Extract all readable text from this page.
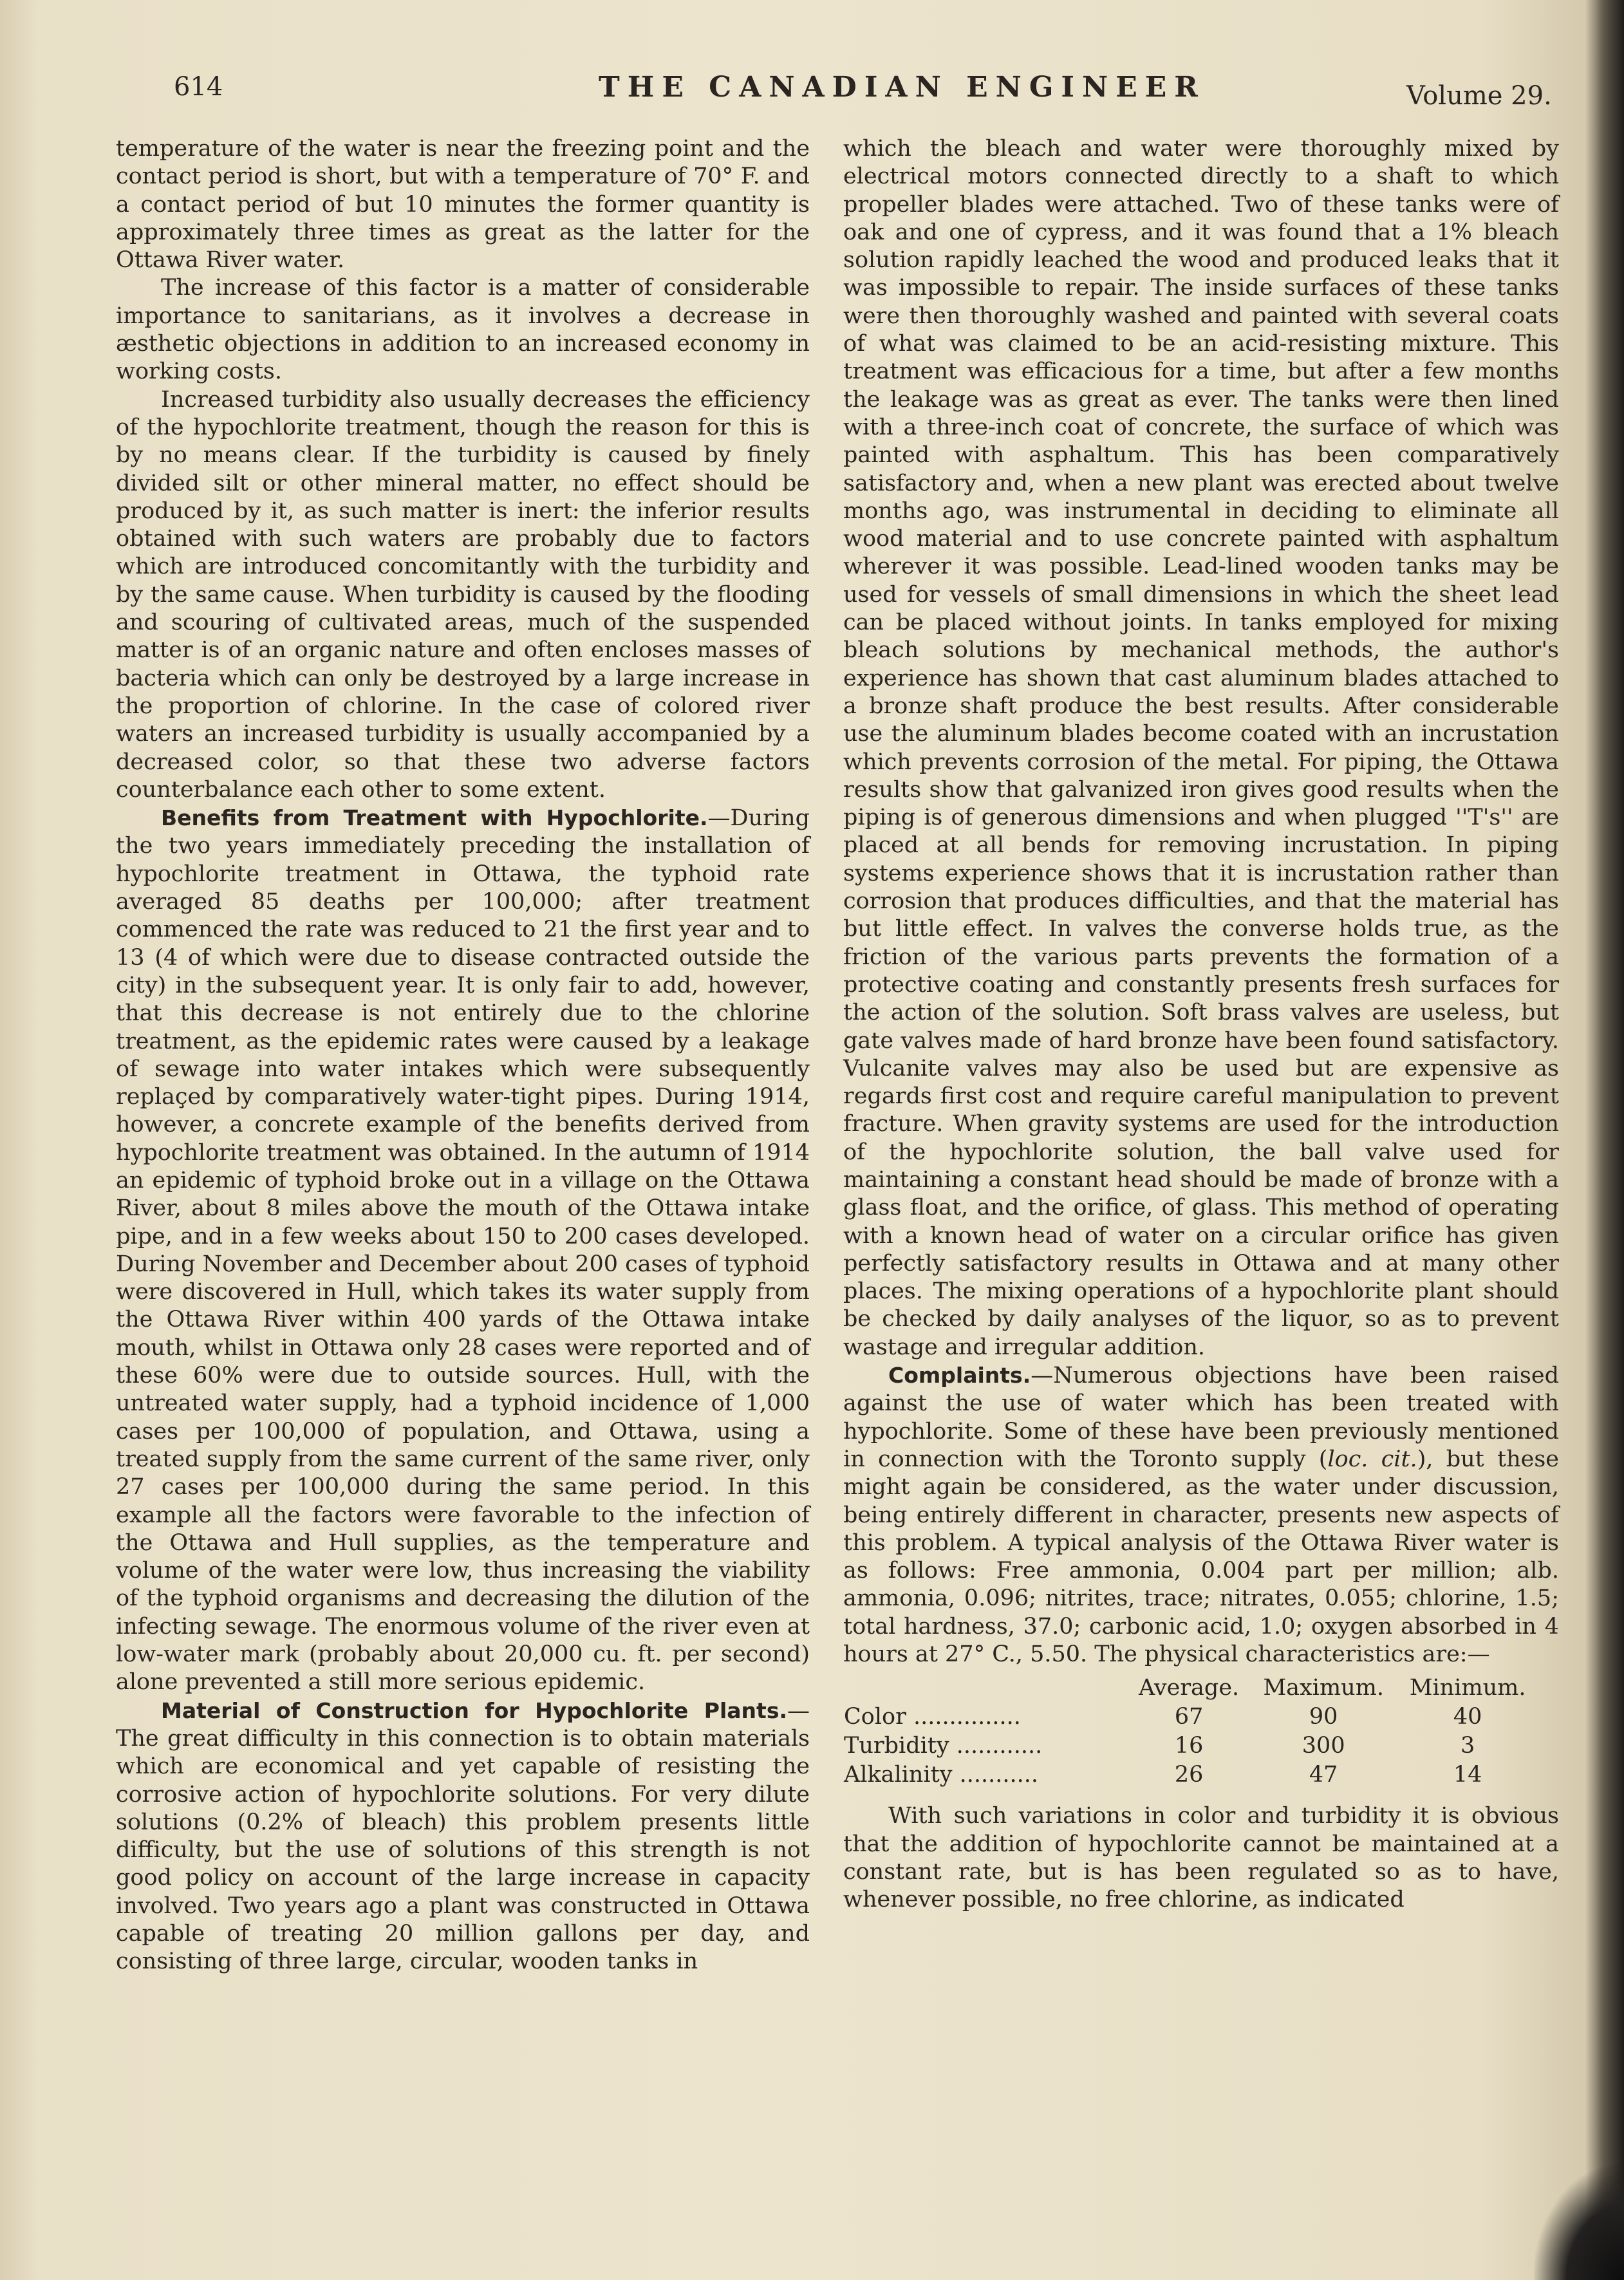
614	THE CANADIAN ENGINEER	Volume 29.

temperature of the water is near the freezing point and the contact period is short, but with a temperature of 70° F. and a contact period of but 10 minutes the former quantity is approximately three times as great as the latter for the Ottawa River water.

The increase of this factor is a matter of considerable importance to sanitarians, as it involves a decrease in æsthetic objections in addition to an increased economy in working costs.

Increased turbidity also usually decreases the efficiency of the hypochlorite treatment, though the reason for this is by no means clear. If the turbidity is caused by finely divided silt or other mineral matter, no effect should be produced by it, as such matter is inert: the inferior results obtained with such waters are probably due to factors which are introduced concomitantly with the turbidity and by the same cause. When turbidity is caused by the flooding and scouring of cultivated areas, much of the suspended matter is of an organic nature and often encloses masses of bacteria which can only be destroyed by a large increase in the proportion of chlorine. In the case of colored river waters an increased turbidity is usually accompanied by a decreased color, so that these two adverse factors counterbalance each other to some extent.

Benefits from Treatment with Hypochlorite.—During the two years immediately preceding the installation of hypochlorite treatment in Ottawa, the typhoid rate averaged 85 deaths per 100,000; after treatment commenced the rate was reduced to 21 the first year and to 13 (4 of which were due to disease contracted outside the city) in the subsequent year. It is only fair to add, however, that this decrease is not entirely due to the chlorine treatment, as the epidemic rates were caused by a leakage of sewage into water intakes which were subsequently replaçed by comparatively water-tight pipes. During 1914, however, a concrete example of the benefits derived from hypochlorite treatment was obtained. In the autumn of 1914 an epidemic of typhoid broke out in a village on the Ottawa River, about 8 miles above the mouth of the Ottawa intake pipe, and in a few weeks about 150 to 200 cases developed. During November and December about 200 cases of typhoid were discovered in Hull, which takes its water supply from the Ottawa River within 400 yards of the Ottawa intake mouth, whilst in Ottawa only 28 cases were reported and of these 60% were due to outside sources. Hull, with the untreated water supply, had a typhoid incidence of 1,000 cases per 100,000 of population, and Ottawa, using a treated supply from the same current of the same river, only 27 cases per 100,000 during the same period. In this example all the factors were favorable to the infection of the Ottawa and Hull supplies, as the temperature and volume of the water were low, thus increasing the viability of the typhoid organisms and decreasing the dilution of the infecting sewage. The enormous volume of the river even at low-water mark (probably about 20,000 cu. ft. per second) alone prevented a still more serious epidemic.

Material of Construction for Hypochlorite Plants.— The great difficulty in this connection is to obtain materials which are economical and yet capable of resisting the corrosive action of hypochlorite solutions. For very dilute solutions (0.2% of bleach) this problem presents little difficulty, but the use of solutions of this strength is not good policy on account of the large increase in capacity involved. Two years ago a plant was constructed in Ottawa capable of treating 20 million gallons per day, and consisting of three large, circular, wooden tanks in

which the bleach and water were thoroughly mixed by electrical motors connected directly to a shaft to which propeller blades were attached. Two of these tanks were of oak and one of cypress, and it was found that a 1% bleach solution rapidly leached the wood and produced leaks that it was impossible to repair. The inside surfaces of these tanks were then thoroughly washed and painted with several coats of what was claimed to be an acid-resisting mixture. This treatment was efficacious for a time, but after a few months the leakage was as great as ever. The tanks were then lined with a three-inch coat of concrete, the surface of which was painted with asphaltum. This has been comparatively satisfactory and, when a new plant was erected about twelve months ago, was instrumental in deciding to eliminate all wood material and to use concrete painted with asphaltum wherever it was possible. Lead-lined wooden tanks may be used for vessels of small dimensions in which the sheet lead can be placed without joints. In tanks employed for mixing bleach solutions by mechanical methods, the author's experience has shown that cast aluminum blades attached to a bronze shaft produce the best results. After considerable use the aluminum blades become coated with an incrustation which prevents corrosion of the metal. For piping, the Ottawa results show that galvanized iron gives good results when the piping is of generous dimensions and when plugged ''T's'' are placed at all bends for removing incrustation. In piping systems experience shows that it is incrustation rather than corrosion that produces difficulties, and that the material has but little effect. In valves the converse holds true, as the friction of the various parts prevents the formation of a protective coating and constantly presents fresh surfaces for the action of the solution. Soft brass valves are useless, but gate valves made of hard bronze have been found satisfactory. Vulcanite valves may also be used but are expensive as regards first cost and require careful manipulation to prevent fracture. When gravity systems are used for the introduction of the hypochlorite solution, the ball valve used for maintaining a constant head should be made of bronze with a glass float, and the orifice, of glass. This method of operating with a known head of water on a circular orifice has given perfectly satisfactory results in Ottawa and at many other places. The mixing operations of a hypochlorite plant should be checked by daily analyses of the liquor, so as to prevent wastage and irregular addition.

Complaints.—Numerous objections have been raised against the use of water which has been treated with hypochlorite. Some of these have been previously mentioned in connection with the Toronto supply (loc. cit.), but these might again be considered, as the water under discussion, being entirely different in character, presents new aspects of this problem. A typical analysis of the Ottawa River water is as follows: Free ammonia, 0.004 part per million; alb. ammonia, 0.096; nitrites, trace; nitrates, 0.055; chlorine, 1.5; total hardness, 37.0; carbonic acid, 1.0; oxygen absorbed in 4 hours at 27° C., 5.50. The physical characteristics are:—

	Average.	Maximum.	Minimum.
Color ...............	67	90	40
Turbidity ............	16	300	3
Alkalinity ...........	26	47	14

With such variations in color and turbidity it is obvious that the addition of hypochlorite cannot be maintained at a constant rate, but is has been regulated so as to have, whenever possible, no free chlorine, as indicated
